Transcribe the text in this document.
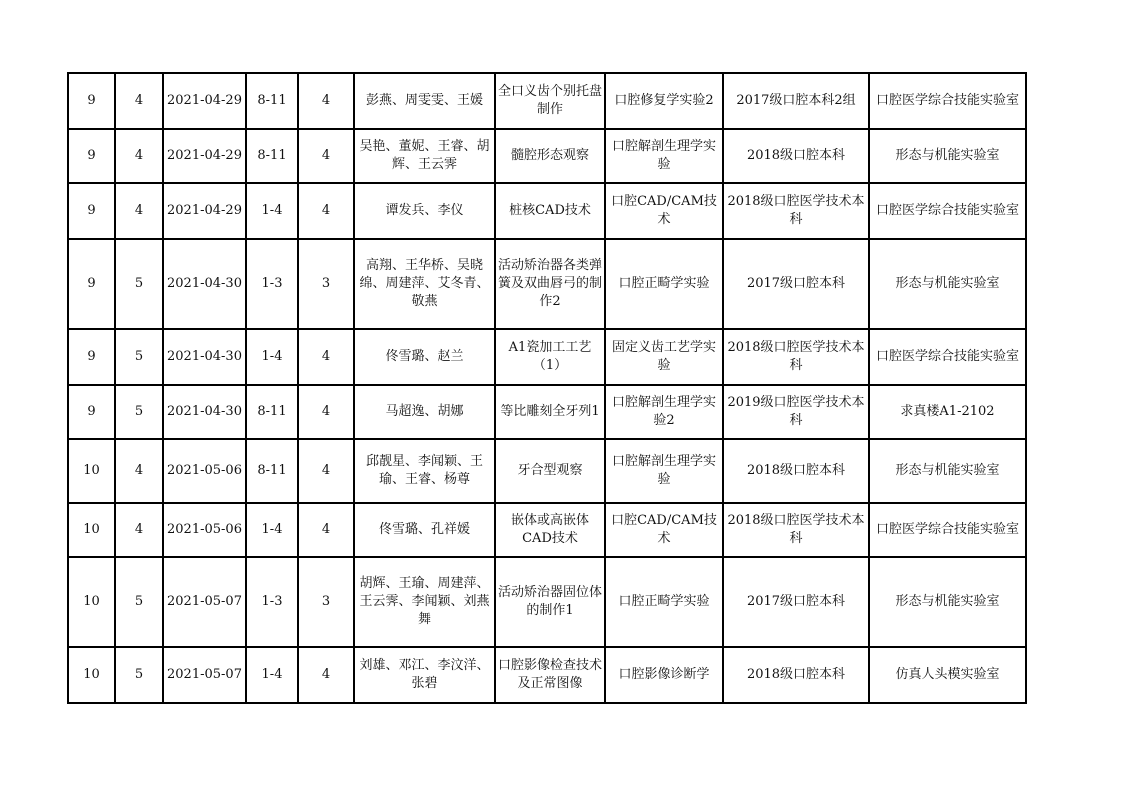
9	4	2021-04-29	8-11	4	彭燕、周雯雯、王媛	全口义齿个别托盘制作	口腔修复学实验2	2017级口腔本科2组	口腔医学综合技能实验室
9	4	2021-04-29	8-11	4	吴艳、董妮、王睿、胡辉、王云霁	髓腔形态观察	口腔解剖生理学实验	2018级口腔本科	形态与机能实验室
9	4	2021-04-29	1-4	4	谭发兵、李仪	桩核CAD技术	口腔CAD/CAM技术	2018级口腔医学技术本科	口腔医学综合技能实验室
9	5	2021-04-30	1-3	3	高翔、王华桥、吴晓绵、周建萍、艾冬青、敬燕	活动矫治器各类弹簧及双曲唇弓的制作2	口腔正畸学实验	2017级口腔本科	形态与机能实验室
9	5	2021-04-30	1-4	4	佟雪璐、赵兰	A1瓷加工工艺（1）	固定义齿工艺学实验	2018级口腔医学技术本科	口腔医学综合技能实验室
9	5	2021-04-30	8-11	4	马超逸、胡娜	等比雕刻全牙列1	口腔解剖生理学实验2	2019级口腔医学技术本科	求真楼A1-2102
10	4	2021-05-06	8-11	4	邱靓星、李闻颖、王瑜、王睿、杨尊	牙合型观察	口腔解剖生理学实验	2018级口腔本科	形态与机能实验室
10	4	2021-05-06	1-4	4	佟雪璐、孔祥媛	嵌体或高嵌体CAD技术	口腔CAD/CAM技术	2018级口腔医学技术本科	口腔医学综合技能实验室
10	5	2021-05-07	1-3	3	胡辉、王瑜、周建萍、王云霁、李闻颖、刘燕舞	活动矫治器固位体的制作1	口腔正畸学实验	2017级口腔本科	形态与机能实验室
10	5	2021-05-07	1-4	4	刘雄、邓江、李汶洋、张碧	口腔影像检查技术及正常图像	口腔影像诊断学	2018级口腔本科	仿真人头模实验室
